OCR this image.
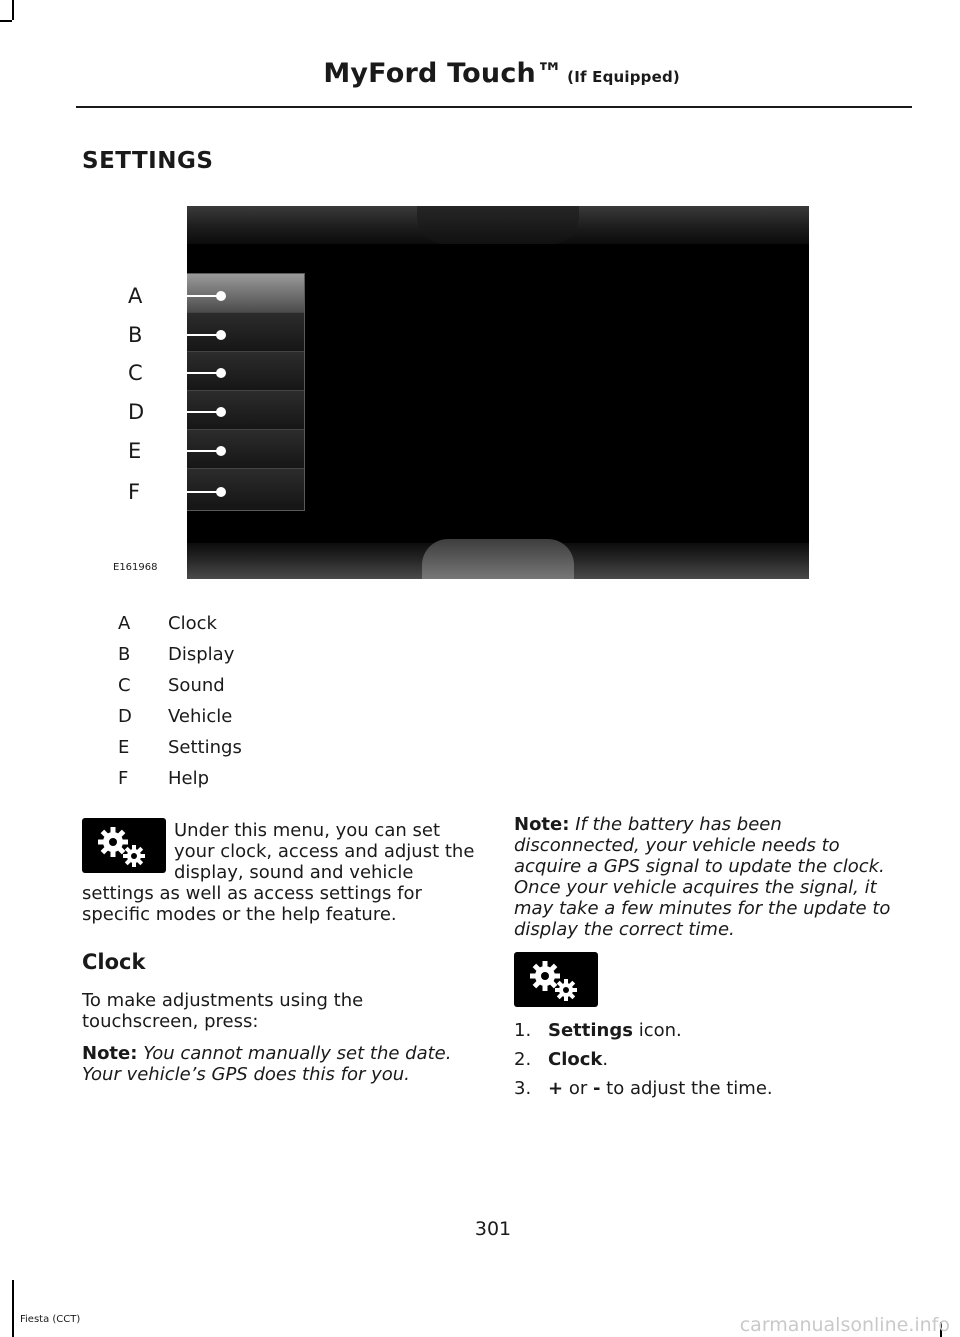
MyFord Touch™ (If Equipped)
SETTINGS
A
B
C
D
E
F
E161968
A Clock
B Display
C Sound
D Vehicle
E Settings
F Help
Under this menu, you can set your clock, access and adjust the display, sound and vehicle
settings as well as access settings for specific modes or the help feature.
Clock
To make adjustments using the touchscreen, press:
Note: You cannot manually set the date. Your vehicle’s GPS does this for you.
Note: If the battery has been disconnected, your vehicle needs to acquire a GPS signal to update the clock. Once your vehicle acquires the signal, it may take a few minutes for the update to display the correct time.
1. Settings icon.
2. Clock.
3. + or - to adjust the time.
301
Fiesta (CCT)	carmanualsonline.info
